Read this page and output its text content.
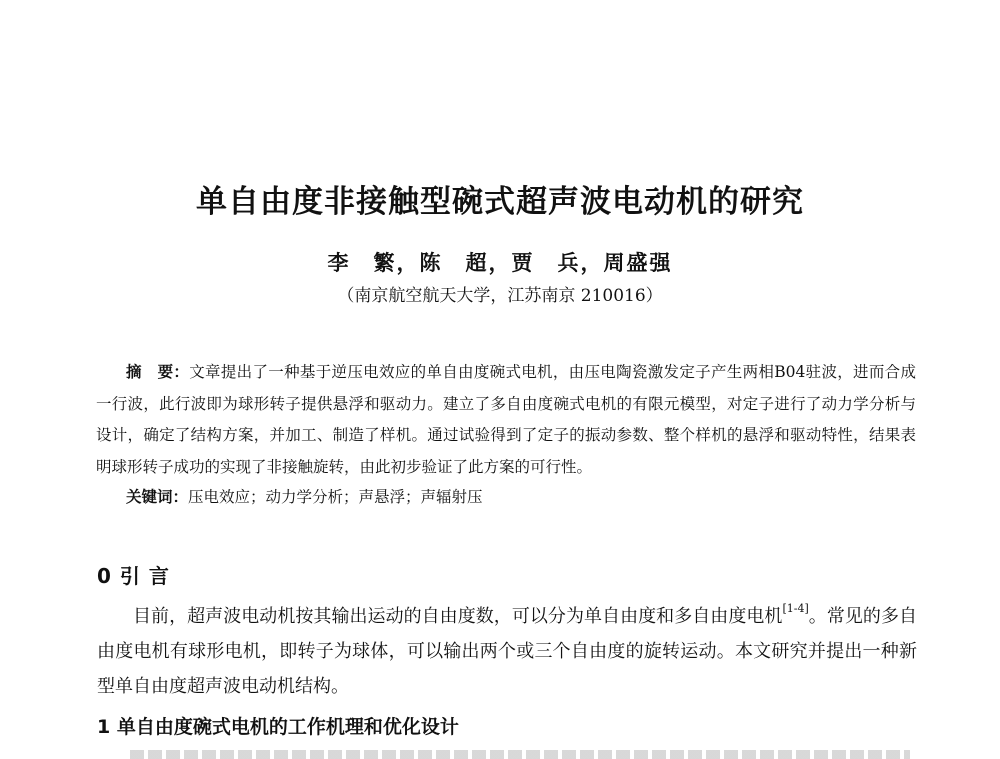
单自由度非接触型碗式超声波电动机的研究
李　繁，陈　超，贾　兵，周盛强
（南京航空航天大学，江苏南京 210016）
摘　要：文章提出了一种基于逆压电效应的单自由度碗式电机，由压电陶瓷激发定子产生两相B04驻波，进而合成一行波，此行波即为球形转子提供悬浮和驱动力。建立了多自由度碗式电机的有限元模型，对定子进行了动力学分析与设计，确定了结构方案，并加工、制造了样机。通过试验得到了定子的振动参数、整个样机的悬浮和驱动特性，结果表明球形转子成功的实现了非接触旋转，由此初步验证了此方案的可行性。
关键词：压电效应；动力学分析；声悬浮；声辐射压
0 引 言
目前，超声波电动机按其输出运动的自由度数，可以分为单自由度和多自由度电机[1-4]。常见的多自由度电机有球形电机，即转子为球体，可以输出两个或三个自由度的旋转运动。本文研究并提出一种新型单自由度超声波电动机结构。
1 单自由度碗式电机的工作机理和优化设计
